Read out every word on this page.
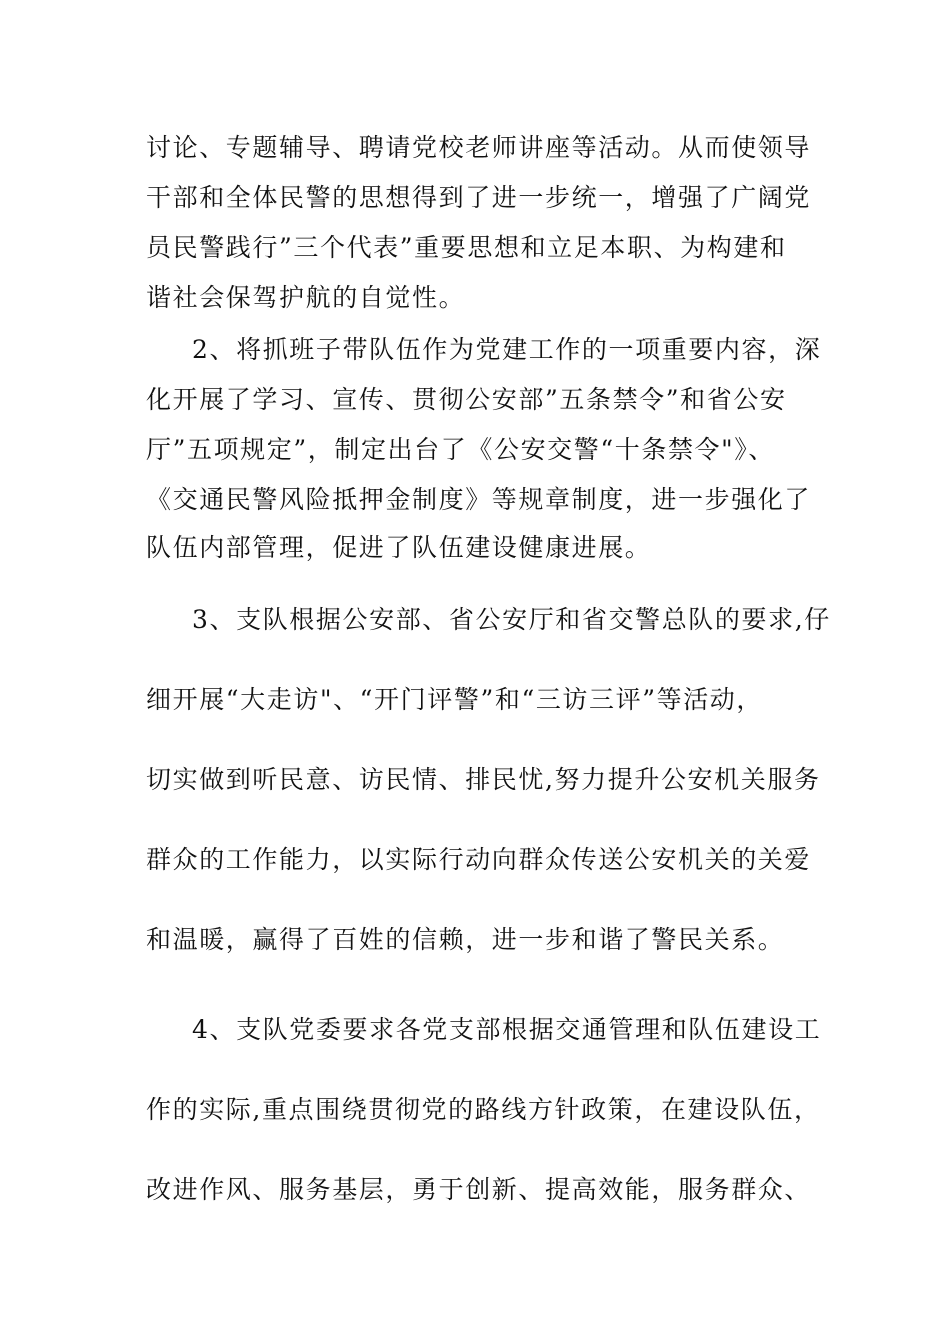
讨论、专题辅导、聘请党校老师讲座等活动。从而使领导
干部和全体民警的思想得到了进一步统一，增强了广阔党
员民警践行”三个代表”重要思想和立足本职、为构建和
谐社会保驾护航的自觉性。
2、将抓班子带队伍作为党建工作的一项重要内容，深
化开展了学习、宣传、贯彻公安部”五条禁令”和省公安
厅”五项规定”，制定出台了《公安交警“十条禁令"》、
《交通民警风险抵押金制度》等规章制度，进一步强化了
队伍内部管理，促进了队伍建设健康进展。
3、支队根据公安部、省公安厅和省交警总队的要求,仔
细开展“大走访"、“开门评警”和“三访三评”等活动，
切实做到听民意、访民情、排民忧,努力提升公安机关服务
群众的工作能力，以实际行动向群众传送公安机关的关爱
和温暖，赢得了百姓的信赖，进一步和谐了警民关系。
4、支队党委要求各党支部根据交通管理和队伍建设工
作的实际,重点围绕贯彻党的路线方针政策，在建设队伍，
改进作风、服务基层，勇于创新、提高效能，服务群众、
